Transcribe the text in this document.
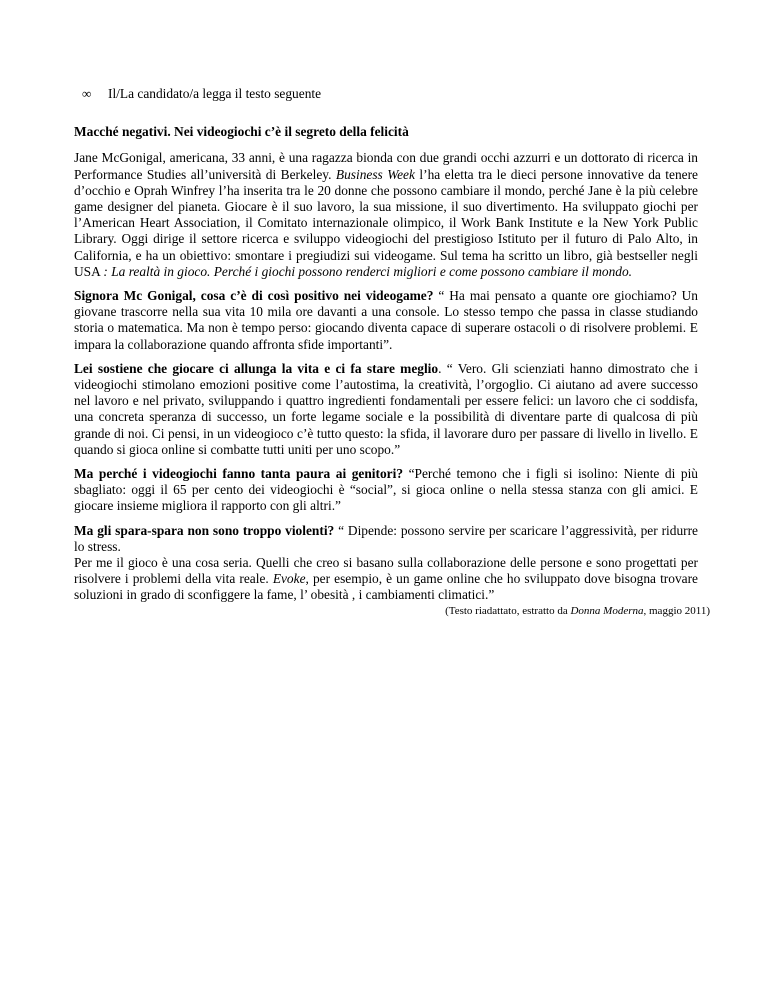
∞	Il/La candidato/a legga il testo seguente
Macché negativi. Nei videogiochi c’è il segreto della felicità

Jane McGonigal, americana, 33 anni, è una ragazza bionda con due grandi occhi azzurri e un dottorato di ricerca in Performance Studies all’università di Berkeley. Business Week l’ha eletta tra le dieci persone innovative da tenere d’occhio e Oprah Winfrey l’ha inserita tra le 20 donne che possono cambiare il mondo, perché Jane è la più celebre game designer del pianeta. Giocare è il suo lavoro, la sua missione, il suo divertimento. Ha sviluppato giochi per l’American Heart Association, il Comitato internazionale olimpico, il Work Bank Institute e la New York Public Library. Oggi dirige il settore ricerca e sviluppo videogiochi del prestigioso Istituto per il futuro di Palo Alto, in California, e ha un obiettivo: smontare i pregiudizi sui videogame. Sul tema ha scritto un libro, già bestseller negli USA : La realtà in gioco. Perché i giochi possono renderci migliori e come possono cambiare il mondo.

Signora Mc Gonigal, cosa c’è di così positivo nei videogame? “ Ha mai pensato a quante ore giochiamo? Un giovane trascorre nella sua vita 10 mila ore davanti a una console. Lo stesso tempo che passa in classe studiando storia o matematica. Ma non è tempo perso: giocando diventa capace di superare ostacoli o di risolvere problemi. E impara la collaborazione quando affronta sfide importanti”.

Lei sostiene che giocare ci allunga la vita e ci fa stare meglio. “ Vero. Gli scienziati hanno dimostrato che i videogiochi stimolano emozioni positive come l’autostima, la creatività, l’orgoglio. Ci aiutano ad avere successo nel lavoro e nel privato, sviluppando i quattro ingredienti fondamentali per essere felici: un lavoro che ci soddisfa, una concreta speranza di successo, un forte legame sociale e la possibilità di diventare parte di qualcosa di più grande di noi. Ci pensi, in un videogioco c’è tutto questo: la sfida, il lavorare duro per passare di livello in livello. E quando si gioca online si combatte tutti uniti per uno scopo.”

Ma perché i videogiochi fanno tanta paura ai genitori? “Perché temono che i figli si isolino: Niente di più sbagliato: oggi il 65 per cento dei videogiochi è “social”, si gioca online o nella stessa stanza con gli amici. E giocare insieme migliora il rapporto con gli altri.”

Ma gli spara-spara non sono troppo violenti? “ Dipende: possono servire per scaricare l’aggressività, per ridurre lo stress.

Per me il gioco è una cosa seria. Quelli che creo si basano sulla collaborazione delle persone e sono progettati per risolvere i problemi della vita reale. Evoke, per esempio, è un game online che ho sviluppato dove bisogna trovare soluzioni in grado di sconfiggere la fame, l’ obesità , i cambiamenti climatici.”

(Testo riadattato, estratto da Donna Moderna, maggio 2011)
